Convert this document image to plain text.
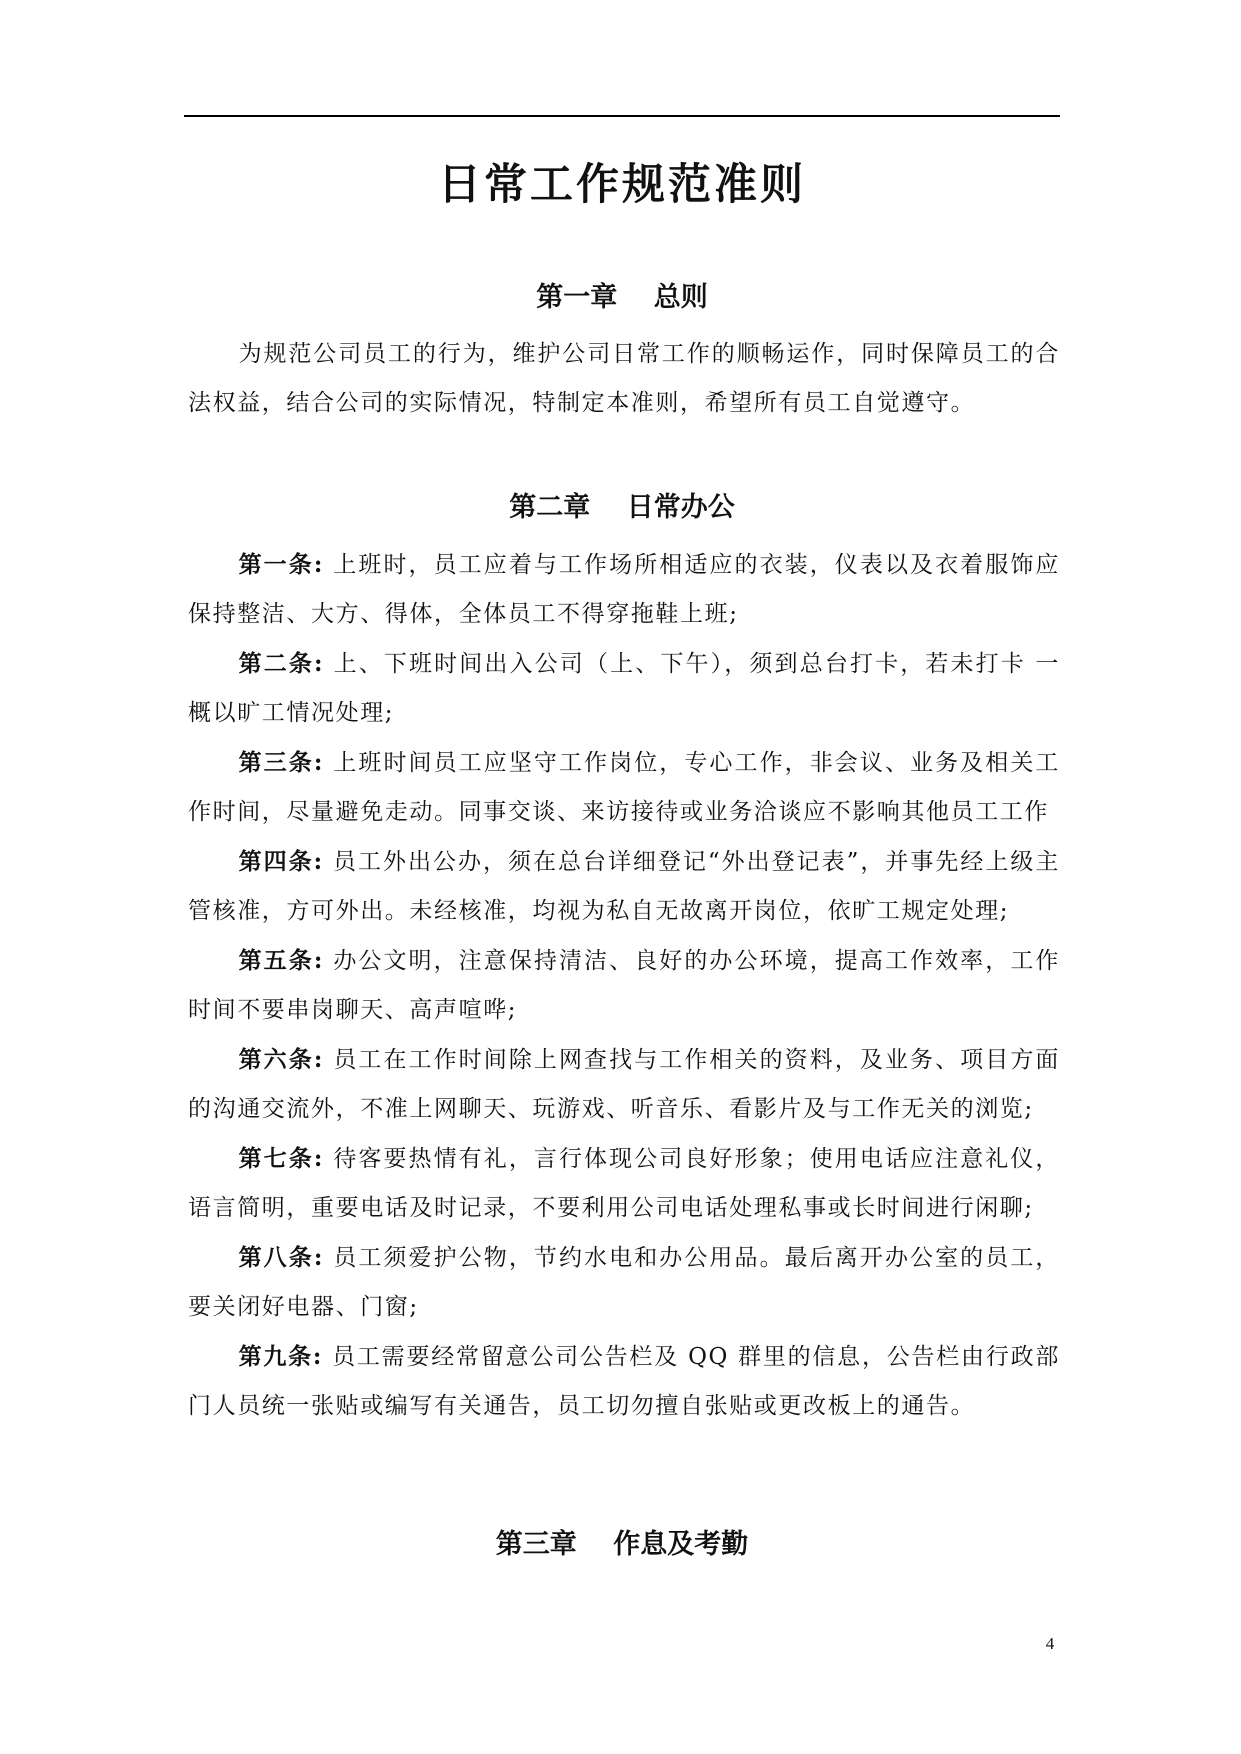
日常工作规范准则
第一章　 总则

为规范公司员工的行为，维护公司日常工作的顺畅运作，同时保障员工的合法权益，结合公司的实际情况，特制定本准则，希望所有员工自觉遵守。

第二章　 日常办公

第一条: 上班时，员工应着与工作场所相适应的衣装，仪表以及衣着服饰应保持整洁、大方、得体，全体员工不得穿拖鞋上班;

第二条: 上、下班时间出入公司（上、下午），须到总台打卡，若未打卡 一概以旷工情况处理;

第三条: 上班时间员工应坚守工作岗位，专心工作，非会议、业务及相关工作时间，尽量避免走动。同事交谈、来访接待或业务洽谈应不影响其他员工工作

第四条: 员工外出公办，须在总台详细登记“外出登记表”，并事先经上级主管核准，方可外出。未经核准，均视为私自无故离开岗位，依旷工规定处理;

第五条: 办公文明，注意保持清洁、良好的办公环境，提高工作效率，工作时间不要串岗聊天、高声喧哗;

第六条: 员工在工作时间除上网查找与工作相关的资料，及业务、项目方面的沟通交流外，不准上网聊天、玩游戏、听音乐、看影片及与工作无关的浏览;

第七条: 待客要热情有礼，言行体现公司良好形象；使用电话应注意礼仪，语言简明，重要电话及时记录，不要利用公司电话处理私事或长时间进行闲聊;

第八条: 员工须爱护公物，节约水电和办公用品。最后离开办公室的员工，要关闭好电器、门窗;

第九条: 员工需要经常留意公司公告栏及 QQ 群里的信息，公告栏由行政部门人员统一张贴或编写有关通告，员工切勿擅自张贴或更改板上的通告。

第三章　 作息及考勤
4
